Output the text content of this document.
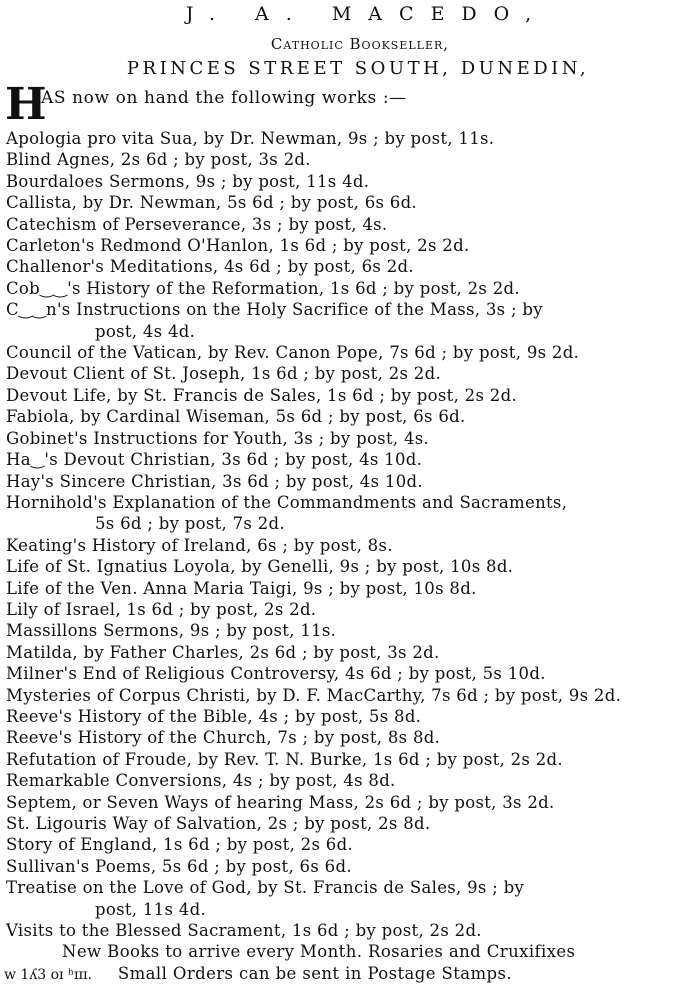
J. A. MACEDO,
Catholic Bookseller,
PRINCES STREET SOUTH, DUNEDIN,
H
AS now on hand the following works :—
Apologia pro vita Sua, by Dr. Newman, 9s ; by post, 11s.
Blind Agnes, 2s 6d ; by post, 3s 2d.
Bourdaloes Sermons, 9s ; by post, 11s 4d.
Callista, by Dr. Newman, 5s 6d ; by post, 6s 6d.
Catechism of Perseverance, 3s ; by post, 4s.
Carleton's Redmond O'Hanlon, 1s 6d ; by post, 2s 2d.
Challenor's Meditations, 4s 6d ; by post, 6s 2d.
Cob‿‿'s History of the Reformation, 1s 6d ; by post, 2s 2d.
C‿‿n's Instructions on the Holy Sacrifice of the Mass, 3s ; by
post, 4s 4d.
Council of the Vatican, by Rev. Canon Pope, 7s 6d ; by post, 9s 2d.
Devout Client of St. Joseph, 1s 6d ; by post, 2s 2d.
Devout Life, by St. Francis de Sales, 1s 6d ; by post, 2s 2d.
Fabiola, by Cardinal Wiseman, 5s 6d ; by post, 6s 6d.
Gobinet's Instructions for Youth, 3s ; by post, 4s.
Ha‿'s Devout Christian, 3s 6d ; by post, 4s 10d.
Hay's Sincere Christian, 3s 6d ; by post, 4s 10d.
Hornihold's Explanation of the Commandments and Sacraments,
5s 6d ; by post, 7s 2d.
Keating's History of Ireland, 6s ; by post, 8s.
Life of St. Ignatius Loyola, by Genelli, 9s ; by post, 10s 8d.
Life of the Ven. Anna Maria Taigi, 9s ; by post, 10s 8d.
Lily of Israel, 1s 6d ; by post, 2s 2d.
Massillons Sermons, 9s ; by post, 11s.
Matilda, by Father Charles, 2s 6d ; by post, 3s 2d.
Milner's End of Religious Controversy, 4s 6d ; by post, 5s 10d.
Mysteries of Corpus Christi, by D. F. MacCarthy, 7s 6d ; by post, 9s 2d.
Reeve's History of the Bible, 4s ; by post, 5s 8d.
Reeve's History of the Church, 7s ; by post, 8s 8d.
Refutation of Froude, by Rev. T. N. Burke, 1s 6d ; by post, 2s 2d.
Remarkable Conversions, 4s ; by post, 4s 8d.
Septem, or Seven Ways of hearing Mass, 2s 6d ; by post, 3s 2d.
St. Ligouris Way of Salvation, 2s ; by post, 2s 8d.
Story of England, 1s 6d ; by post, 2s 6d.
Sullivan's Poems, 5s 6d ; by post, 6s 6d.
Treatise on the Love of God, by St. Francis de Sales, 9s ; by
post, 11s 4d.
Visits to the Blessed Sacrament, 1s 6d ; by post, 2s 2d.
New Books to arrive every Month. Rosaries and Cruxifixes
w 1ʎ3 oɪ ʰɪɪɪ. Small Orders can be sent in Postage Stamps.
